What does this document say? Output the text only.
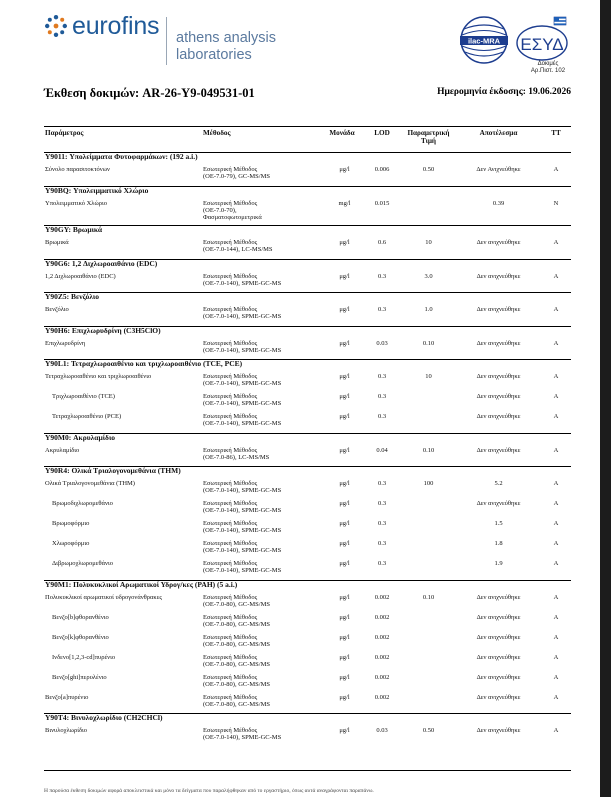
eurofins athens analysis
laboratories
ilac-MRA ΕΣΥΔ
Δοκιμές
Αρ.Πιστ. 102
Έκθεση δοκιμών: AR-26-Y9-049531-01	Ημερομηνία έκδοσης: 19.06.2026
Παράμετρος	Μέθοδος	Μονάδα	LOD	Παραμετρική Τιμή	Αποτέλεσμα	ΤΤ
Y9011: Υπολείμματα Φυτοφαρμάκων: (192 a.i.)						
Σύνολο παρασιτοκτόνων	Εσωτερική Μέθοδος
(OE-7.0-79), GC-MS/MS	μg/l	0.006	0.50	Δεν Ανιχνεύθηκε	A
Y90BQ: Υπολειμματικό Χλώριο						
Υπολειμματικό Χλώριο	Εσωτερική Μέθοδος
(OE-7.0-70),
Φασματοφωτομετρικά	mg/l	0.015		0.39	N
Y90GY: Βρωμικά						
Βρωμικά	Εσωτερική Μέθοδος
(OE-7.0-144), LC-MS/MS	μg/l	0.6	10	Δεν ανιχνεύθηκε	A
Y90G6: 1,2 Διχλωροαιθάνιο (EDC)						
1,2 Διχλωροαιθάνιο (EDC)	Εσωτερική Μέθοδος
(OE-7.0-140), SPME-GC-MS	μg/l	0.3	3.0	Δεν ανιχνεύθηκε	A
Y90Z5: Βενζόλιο						
Βενζόλιο	Εσωτερική Μέθοδος
(OE-7.0-140), SPME-GC-MS	μg/l	0.3	1.0	Δεν ανιχνεύθηκε	A
Y90H6: Επιχλωρυδρίνη (C3H5ClO)						
Επιχλωρυδρίνη	Εσωτερική Μέθοδος
(OE-7.0-140), SPME-GC-MS	μg/l	0.03	0.10	Δεν ανιχνεύθηκε	A
Y90L1: Τετραχλωροαιθένιο και τριχλωροαιθένιο (TCE, PCE)						
Τετραχλωροαιθένιο και τριχλωροαιθένιο	Εσωτερική Μέθοδος
(OE-7.0-140), SPME-GC-MS	μg/l	0.3	10	Δεν ανιχνεύθηκε	A
Τριχλωροαιθένιο (TCE)	Εσωτερική Μέθοδος
(OE-7.0-140), SPME-GC-MS	μg/l	0.3		Δεν ανιχνεύθηκε	A
Τετραχλωροαιθένιο (PCE)	Εσωτερική Μέθοδος
(OE-7.0-140), SPME-GC-MS	μg/l	0.3		Δεν ανιχνεύθηκε	A
Y90M0: Ακρυλαμίδιο						
Ακρυλαμίδιο	Εσωτερική Μέθοδος
(OE-7.0-86), LC-MS/MS	μg/l	0.04	0.10	Δεν ανιχνεύθηκε	A
Y90R4: Ολικά Τριαλογονομεθάνια (THM)						
Ολικά Τριαλογονομεθάνια (THM)	Εσωτερική Μέθοδος
(OE-7.0-140), SPME-GC-MS	μg/l	0.3	100	5.2	A
Βρωμοδιχλωρομεθάνιο	Εσωτερική Μέθοδος
(OE-7.0-140), SPME-GC-MS	μg/l	0.3		Δεν ανιχνεύθηκε	A
Βρωμοφόρμιο	Εσωτερική Μέθοδος
(OE-7.0-140), SPME-GC-MS	μg/l	0.3		1.5	A
Χλωροφόρμιο	Εσωτερική Μέθοδος
(OE-7.0-140), SPME-GC-MS	μg/l	0.3		1.8	A
Διβρωμοχλωρομεθάνιο	Εσωτερική Μέθοδος
(OE-7.0-140), SPME-GC-MS	μg/l	0.3		1.9	A
Y90M1: Πολυκυκλικοί Αρωματικοί Υδρογ/κες (PAH) (5 a.i.)						
Πολυκυκλικοί αρωματικοί υδρογονάνθρακες	Εσωτερική Μέθοδος
(OE-7.0-80), GC-MS/MS	μg/l	0.002	0.10	Δεν ανιχνεύθηκε	A
Βενζο[b]φθορανθένιο	Εσωτερική Μέθοδος
(OE-7.0-80), GC-MS/MS	μg/l	0.002		Δεν ανιχνεύθηκε	A
Βενζο[k]φθορανθένιο	Εσωτερική Μέθοδος
(OE-7.0-80), GC-MS/MS	μg/l	0.002		Δεν ανιχνεύθηκε	A
Ινδενο[1,2,3-cd]πυρένιο	Εσωτερική Μέθοδος
(OE-7.0-80), GC-MS/MS	μg/l	0.002		Δεν ανιχνεύθηκε	A
Βενζο[ghi]περυλένιο	Εσωτερική Μέθοδος
(OE-7.0-80), GC-MS/MS	μg/l	0.002		Δεν ανιχνεύθηκε	A
Βενζο[a]πυρένιο	Εσωτερική Μέθοδος
(OE-7.0-80), GC-MS/MS	μg/l	0.002		Δεν ανιχνεύθηκε	A
Y90T4: Βινυλοχλωρίδιο (CH2CHCl)						
Βινυλοχλωρίδιο	Εσωτερική Μέθοδος
(OE-7.0-140), SPME-GC-MS	μg/l	0.03	0.50	Δεν ανιχνεύθηκε	A
Η παρούσα έκθεση δοκιμών αφορά αποκλειστικά και μόνο τα δείγματα που παραλήφθηκαν από το εργαστήριο, όπως αυτά αναγράφονται παραπάνω.
